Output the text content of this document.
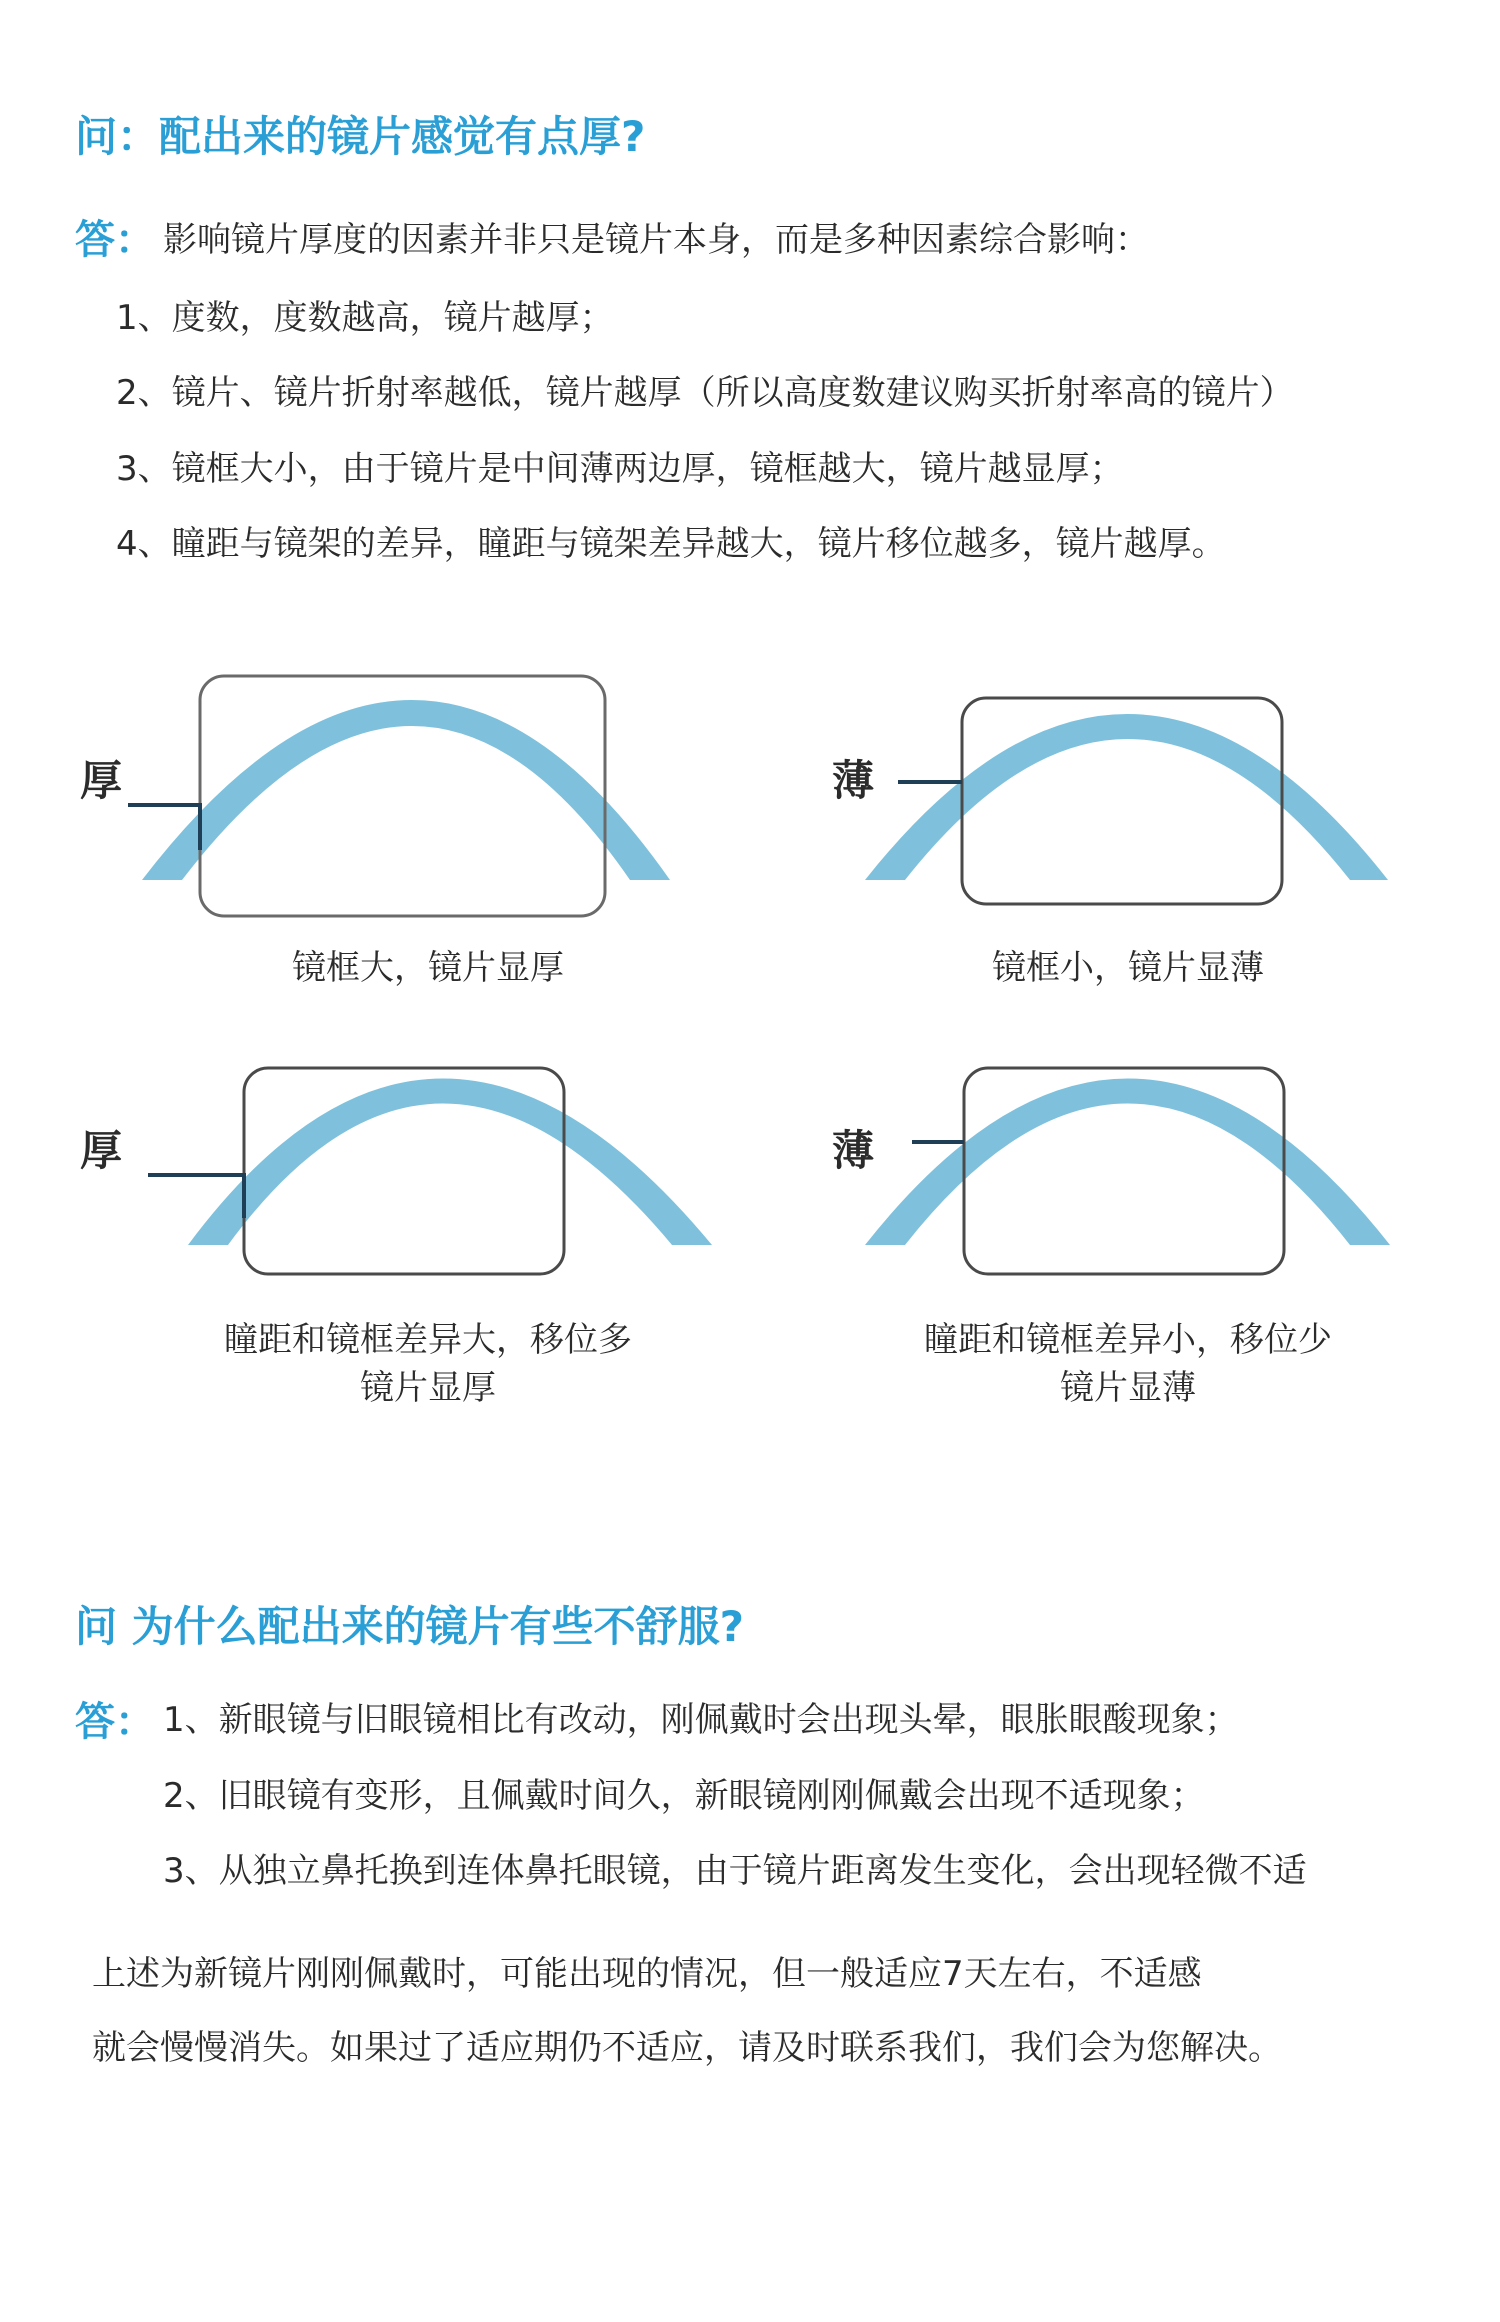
问：配出来的镜片感觉有点厚?
答： 影响镜片厚度的因素并非只是镜片本身，而是多种因素综合影响：
1、度数，度数越高，镜片越厚；
2、镜片、镜片折射率越低，镜片越厚（所以高度数建议购买折射率高的镜片）
3、镜框大小，由于镜片是中间薄两边厚，镜框越大，镜片越显厚；
4、瞳距与镜架的差异，瞳距与镜架差异越大，镜片移位越多，镜片越厚。
厚	薄
厚	薄
镜框大，镜片显厚	镜框小，镜片显薄
瞳距和镜框差异大，移位多
镜片显厚
瞳距和镜框差异小，移位少
镜片显薄
问 为什么配出来的镜片有些不舒服?
答： 1、新眼镜与旧眼镜相比有改动，刚佩戴时会出现头晕，眼胀眼酸现象；
2、旧眼镜有变形，且佩戴时间久，新眼镜刚刚佩戴会出现不适现象；
3、从独立鼻托换到连体鼻托眼镜，由于镜片距离发生变化，会出现轻微不适
上述为新镜片刚刚佩戴时，可能出现的情况，但一般适应7天左右，不适感
就会慢慢消失。如果过了适应期仍不适应，请及时联系我们，我们会为您解决。
